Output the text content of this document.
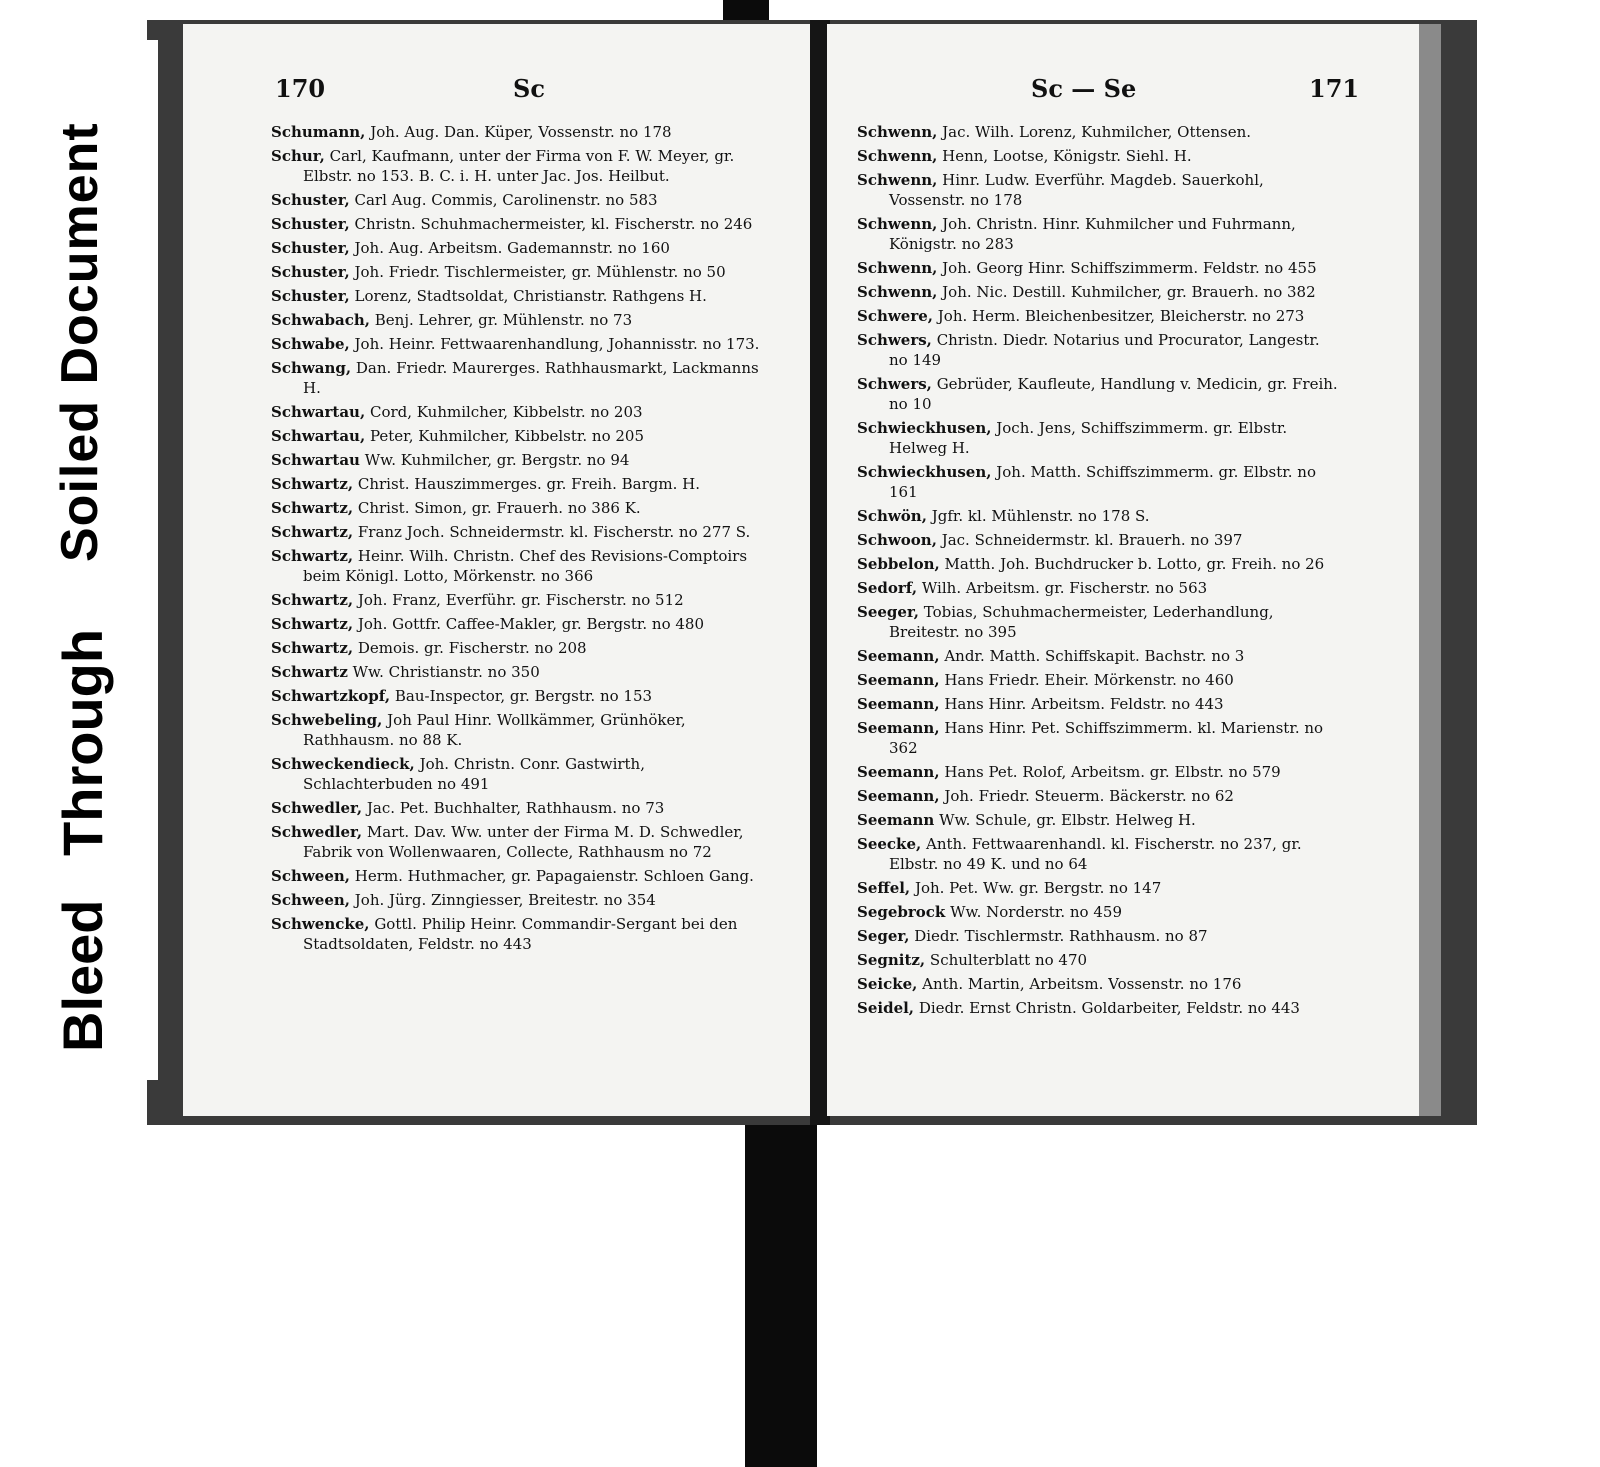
170	Sc
Schumann, Joh. Aug. Dan. Küper, Vossenstr. no 178
Schur, Carl, Kaufmann, unter der Firma von F. W. Meyer, gr. Elbstr. no 153. B. C. i. H. unter Jac. Jos. Heilbut.
Schuster, Carl Aug. Commis, Carolinenstr. no 583
Schuster, Christn. Schuhmachermeister, kl. Fischerstr. no 246
Schuster, Joh. Aug. Arbeitsm. Gademannstr. no 160
Schuster, Joh. Friedr. Tischlermeister, gr. Mühlenstr. no 50
Schuster, Lorenz, Stadtsoldat, Christianstr. Rathgens H.
Schwabach, Benj. Lehrer, gr. Mühlenstr. no 73
Schwabe, Joh. Heinr. Fettwaarenhandlung, Johannisstr. no 173.
Schwang, Dan. Friedr. Maurerges. Rathhausmarkt, Lackmanns H.
Schwartau, Cord, Kuhmilcher, Kibbelstr. no 203
Schwartau, Peter, Kuhmilcher, Kibbelstr. no 205
Schwartau Ww. Kuhmilcher, gr. Bergstr. no 94
Schwartz, Christ. Hauszimmerges. gr. Freih. Bargm. H.
Schwartz, Christ. Simon, gr. Frauerh. no 386 K.
Schwartz, Franz Joch. Schneidermstr. kl. Fischerstr. no 277 S.
Schwartz, Heinr. Wilh. Christn. Chef des Revisions-Comptoirs beim Königl. Lotto, Mörkenstr. no 366
Schwartz, Joh. Franz, Everführ. gr. Fischerstr. no 512
Schwartz, Joh. Gottfr. Caffee-Makler, gr. Bergstr. no 480
Schwartz, Demois. gr. Fischerstr. no 208
Schwartz Ww. Christianstr. no 350
Schwartzkopf, Bau-Inspector, gr. Bergstr. no 153
Schwebeling, Joh Paul Hinr. Wollkämmer, Grünhöker, Rathhausm. no 88 K.
Schweckendieck, Joh. Christn. Conr. Gastwirth, Schlachterbuden no 491
Schwedler, Jac. Pet. Buchhalter, Rathhausm. no 73
Schwedler, Mart. Dav. Ww. unter der Firma M. D. Schwedler, Fabrik von Wollenwaaren, Collecte, Rathhausm no 72
Schween, Herm. Huthmacher, gr. Papagaienstr. Schloen Gang.
Schween, Joh. Jürg. Zinngiesser, Breitestr. no 354
Schwencke, Gottl. Philip Heinr. Commandir-Sergant bei den Stadtsoldaten, Feldstr. no 443
Sc — Se	171
Schwenn, Jac. Wilh. Lorenz, Kuhmilcher, Ottensen.
Schwenn, Henn, Lootse, Königstr. Siehl. H.
Schwenn, Hinr. Ludw. Everführ. Magdeb. Sauerkohl, Vossenstr. no 178
Schwenn, Joh. Christn. Hinr. Kuhmilcher und Fuhrmann, Königstr. no 283
Schwenn, Joh. Georg Hinr. Schiffszimmerm. Feldstr. no 455
Schwenn, Joh. Nic. Destill. Kuhmilcher, gr. Brauerh. no 382
Schwere, Joh. Herm. Bleichenbesitzer, Bleicherstr. no 273
Schwers, Christn. Diedr. Notarius und Procurator, Langestr. no 149
Schwers, Gebrüder, Kaufleute, Handlung v. Medicin, gr. Freih. no 10
Schwieckhusen, Joch. Jens, Schiffszimmerm. gr. Elbstr. Helweg H.
Schwieckhusen, Joh. Matth. Schiffszimmerm. gr. Elbstr. no 161
Schwön, Jgfr. kl. Mühlenstr. no 178 S.
Schwoon, Jac. Schneidermstr. kl. Brauerh. no 397
Sebbelon, Matth. Joh. Buchdrucker b. Lotto, gr. Freih. no 26
Sedorf, Wilh. Arbeitsm. gr. Fischerstr. no 563
Seeger, Tobias, Schuhmachermeister, Lederhandlung, Breitestr. no 395
Seemann, Andr. Matth. Schiffskapit. Bachstr. no 3
Seemann, Hans Friedr. Eheir. Mörkenstr. no 460
Seemann, Hans Hinr. Arbeitsm. Feldstr. no 443
Seemann, Hans Hinr. Pet. Schiffszimmerm. kl. Marienstr. no 362
Seemann, Hans Pet. Rolof, Arbeitsm. gr. Elbstr. no 579
Seemann, Joh. Friedr. Steuerm. Bäckerstr. no 62
Seemann Ww. Schule, gr. Elbstr. Helweg H.
Seecke, Anth. Fettwaarenhandl. kl. Fischerstr. no 237, gr. Elbstr. no 49 K. und no 64
Seffel, Joh. Pet. Ww. gr. Bergstr. no 147
Segebrock Ww. Norderstr. no 459
Seger, Diedr. Tischlermstr. Rathhausm. no 87
Segnitz, Schulterblatt no 470
Seicke, Anth. Martin, Arbeitsm. Vossenstr. no 176
Seidel, Diedr. Ernst Christn. Goldarbeiter, Feldstr. no 443
Soiled Document
Bleed Through
